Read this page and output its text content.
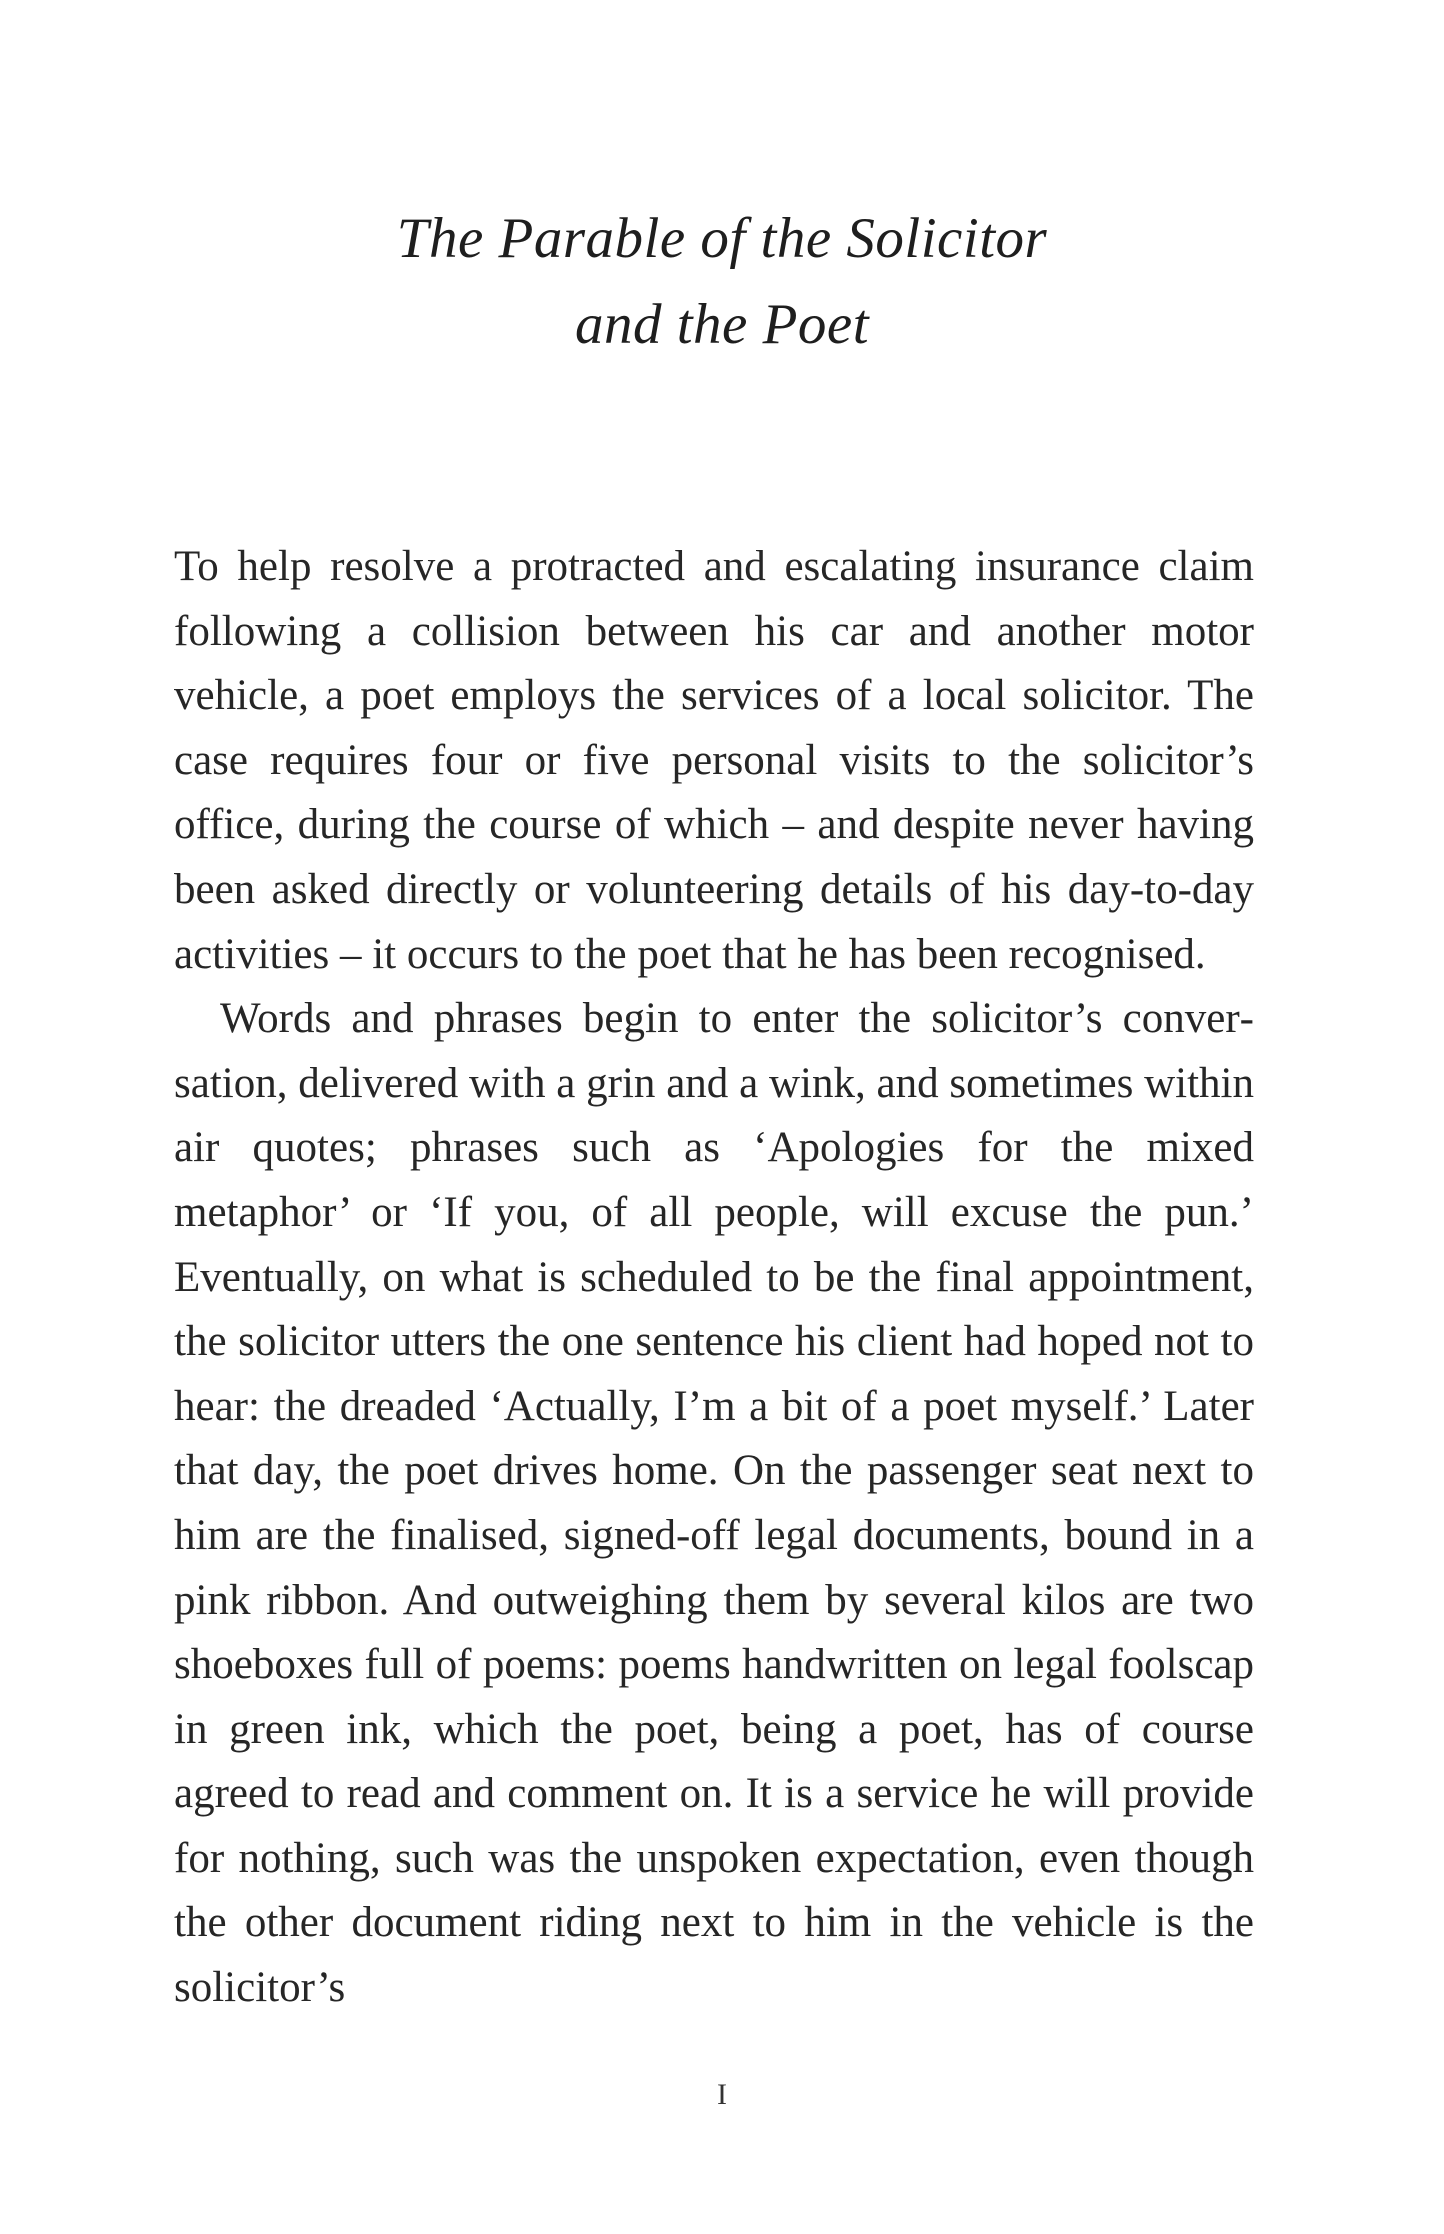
The Parable of the Solicitor
and the Poet

To help resolve a protracted and escalating insurance claim following a collision between his car and another motor vehicle, a poet employs the services of a local solicitor. The case requires four or five personal visits to the solicitor’s office, during the course of which – and despite never having been asked directly or volunteering details of his day-to-day activities – it occurs to the poet that he has been recognised.

Words and phrases begin to enter the solicitor’s conversation, delivered with a grin and a wink, and sometimes within air quotes; phrases such as ‘Apologies for the mixed metaphor’ or ‘If you, of all people, will excuse the pun.’ Eventually, on what is scheduled to be the final appointment, the solicitor utters the one sentence his client had hoped not to hear: the dreaded ‘Actually, I’m a bit of a poet myself.’ Later that day, the poet drives home. On the passenger seat next to him are the finalised, signed-off legal documents, bound in a pink ribbon. And outweighing them by several kilos are two shoeboxes full of poems: poems handwritten on legal foolscap in green ink, which the poet, being a poet, has of course agreed to read and comment on. It is a service he will provide for nothing, such was the unspoken expectation, even though the other document riding next to him in the vehicle is the solicitor’s

I
